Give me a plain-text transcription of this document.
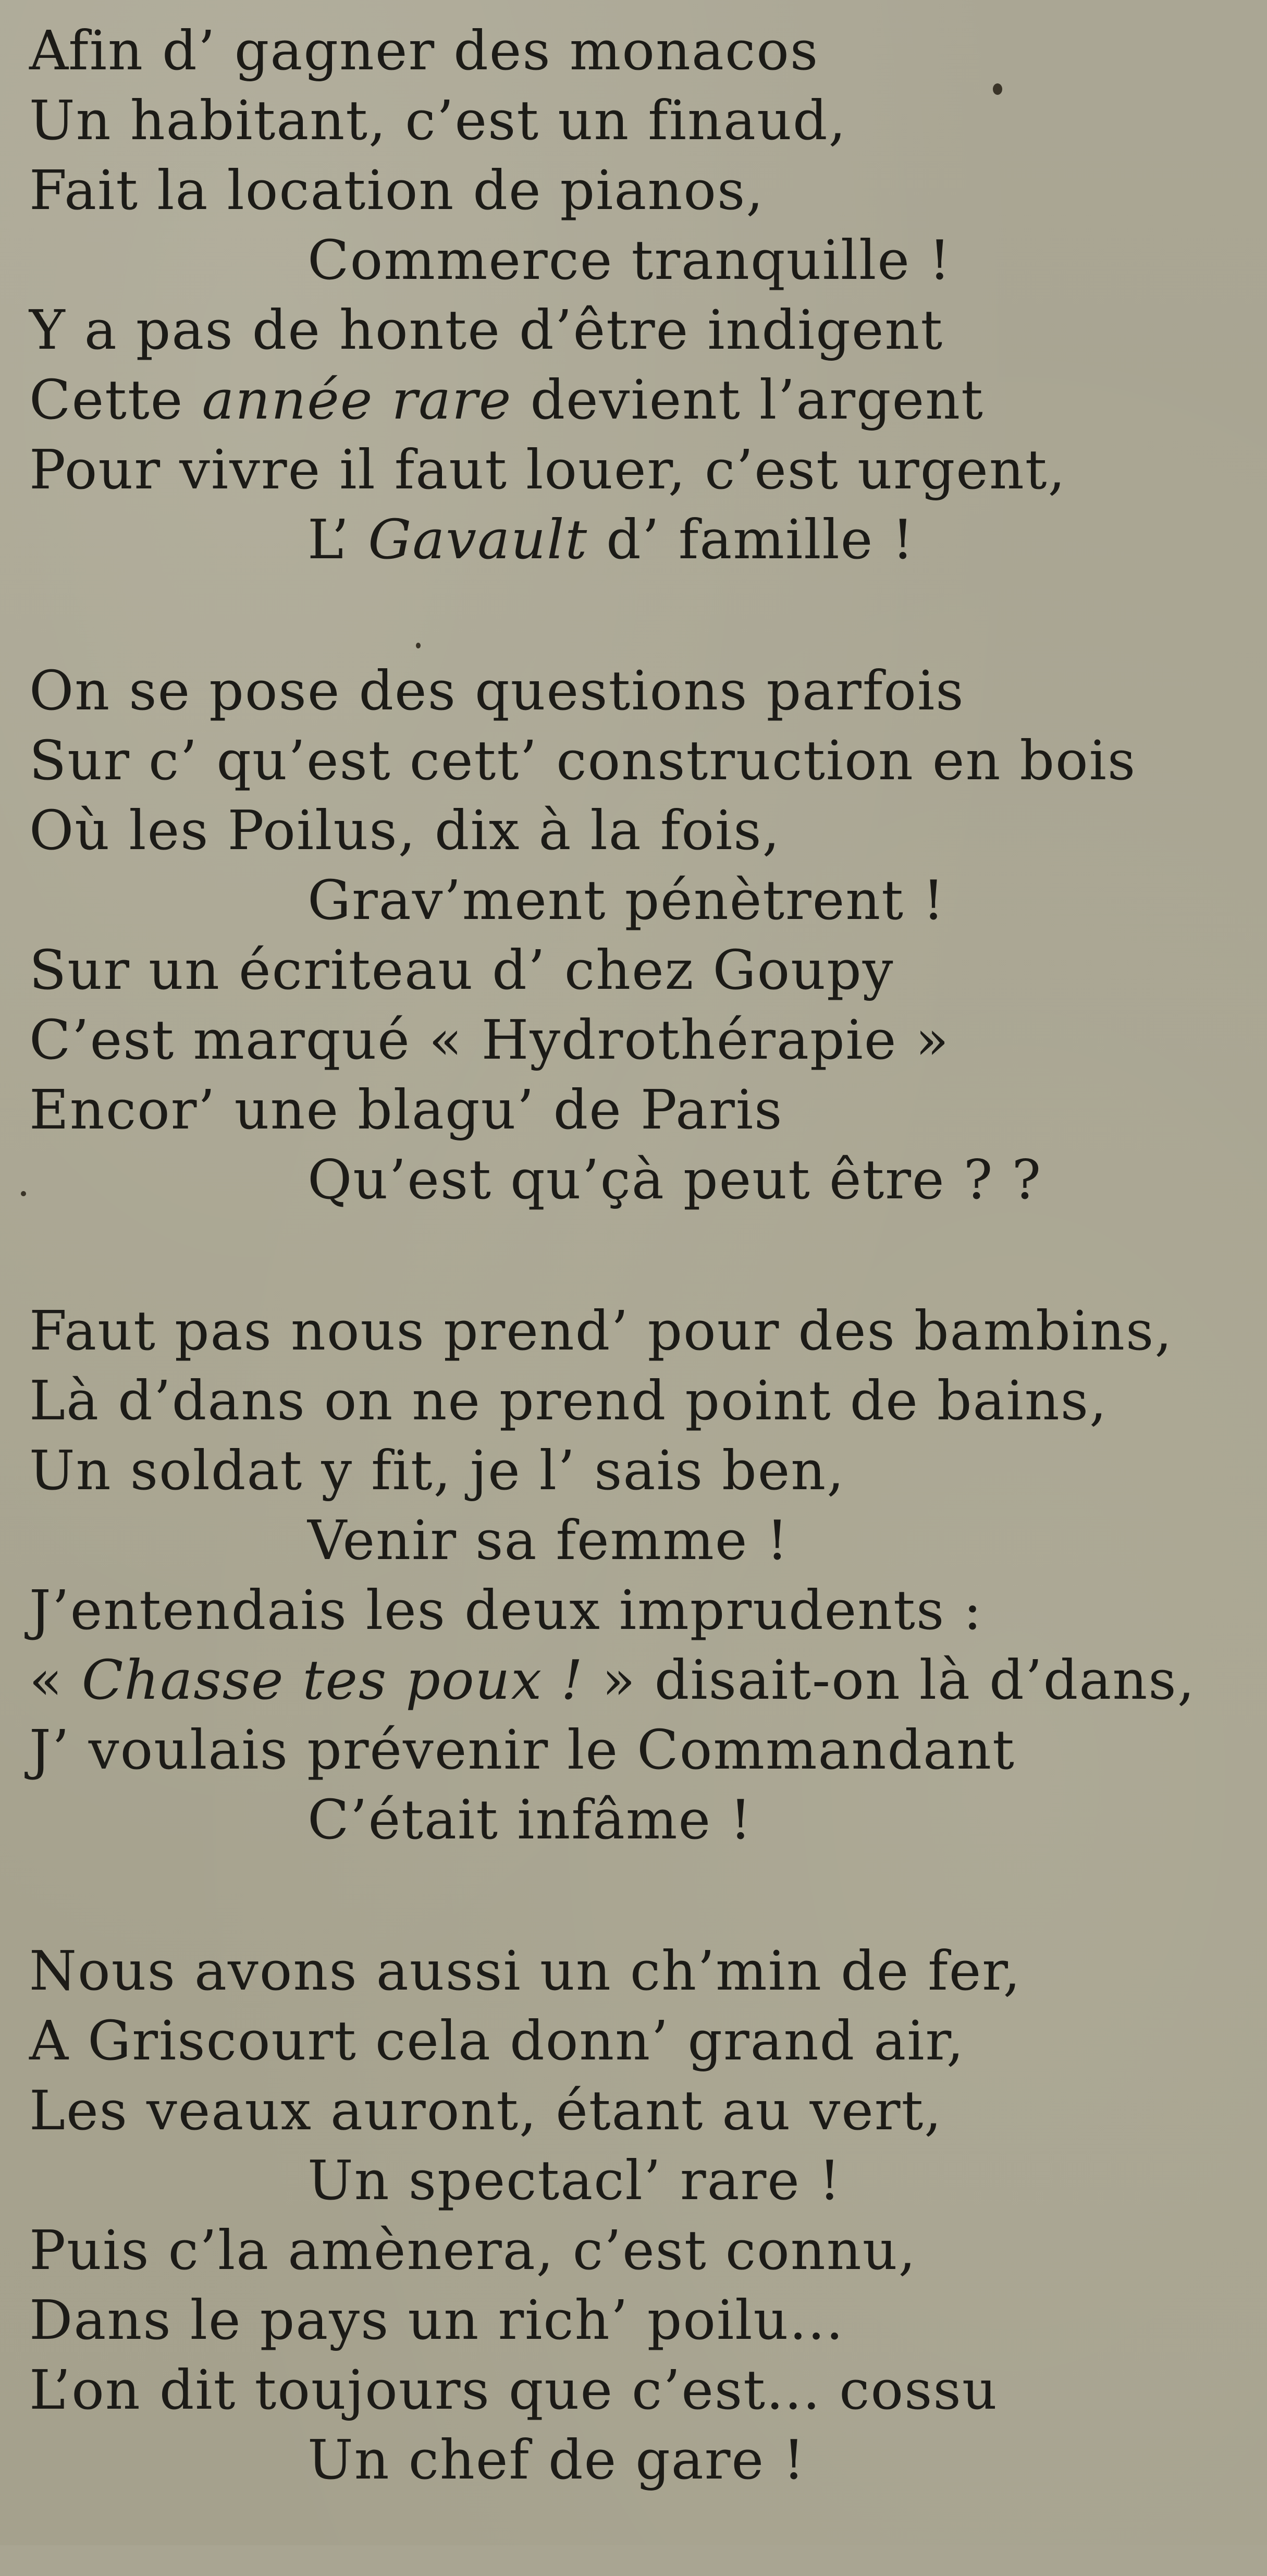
Afin d’ gagner des monacos
Un habitant, c’est un finaud,
Fait la location de pianos,
Commerce tranquille !
Y a pas de honte d’être indigent
Cette année rare devient l’argent
Pour vivre il faut louer, c’est urgent,
L’ Gavault d’ famille !
On se pose des questions parfois
Sur c’ qu’est cett’ construction en bois
Où les Poilus, dix à la fois,
Grav’ment pénètrent !
Sur un écriteau d’ chez Goupy
C’est marqué « Hydrothérapie »
Encor’ une blagu’ de Paris
Qu’est qu’çà peut être ? ?
Faut pas nous prend’ pour des bambins,
Là d’dans on ne prend point de bains,
Un soldat y fit, je l’ sais ben,
Venir sa femme !
J’entendais les deux imprudents :
« Chasse tes poux ! » disait-on là d’dans,
J’ voulais prévenir le Commandant
C’était infâme !
Nous avons aussi un ch’min de fer,
A Griscourt cela donn’ grand air,
Les veaux auront, étant au vert,
Un spectacl’ rare !
Puis c’la amènera, c’est connu,
Dans le pays un rich’ poilu...
L’on dit toujours que c’est... cossu
Un chef de gare !
